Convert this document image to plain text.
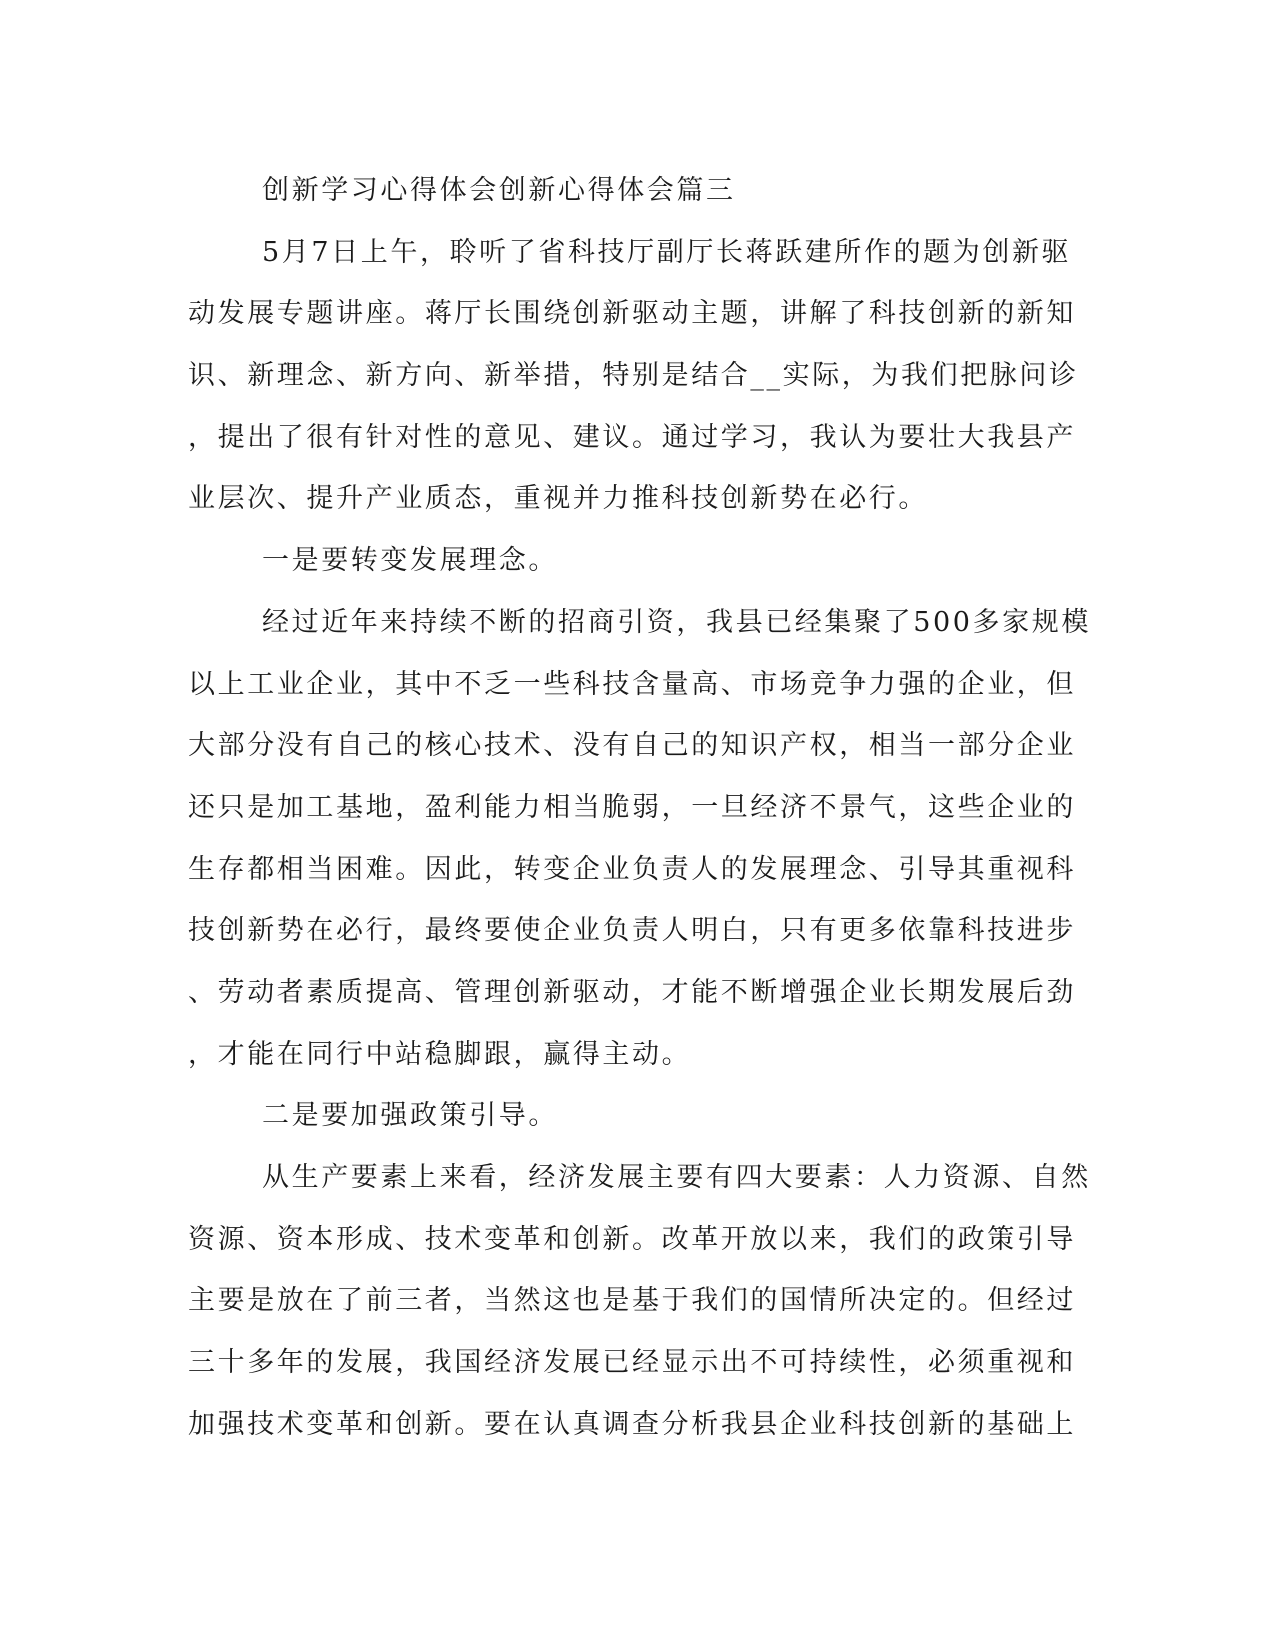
创新学习心得体会创新心得体会篇三
5月7日上午，聆听了省科技厅副厅长蒋跃建所作的题为创新驱
动发展专题讲座。蒋厅长围绕创新驱动主题，讲解了科技创新的新知
识、新理念、新方向、新举措，特别是结合__实际，为我们把脉问诊
，提出了很有针对性的意见、建议。通过学习，我认为要壮大我县产
业层次、提升产业质态，重视并力推科技创新势在必行。
一是要转变发展理念。
经过近年来持续不断的招商引资，我县已经集聚了500多家规模
以上工业企业，其中不乏一些科技含量高、市场竞争力强的企业，但
大部分没有自己的核心技术、没有自己的知识产权，相当一部分企业
还只是加工基地，盈利能力相当脆弱，一旦经济不景气，这些企业的
生存都相当困难。因此，转变企业负责人的发展理念、引导其重视科
技创新势在必行，最终要使企业负责人明白，只有更多依靠科技进步
、劳动者素质提高、管理创新驱动，才能不断增强企业长期发展后劲
，才能在同行中站稳脚跟，赢得主动。
二是要加强政策引导。
从生产要素上来看，经济发展主要有四大要素：人力资源、自然
资源、资本形成、技术变革和创新。改革开放以来，我们的政策引导
主要是放在了前三者，当然这也是基于我们的国情所决定的。但经过
三十多年的发展，我国经济发展已经显示出不可持续性，必须重视和
加强技术变革和创新。要在认真调查分析我县企业科技创新的基础上
